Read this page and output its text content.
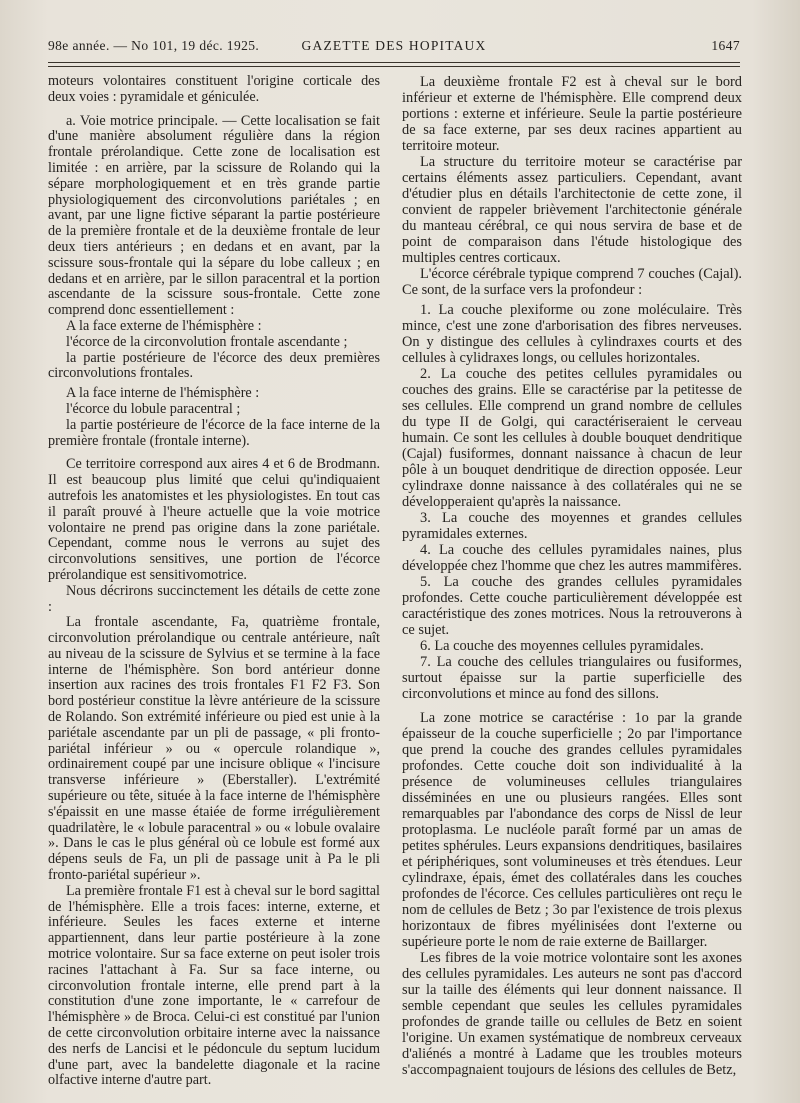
98e année. — No 101, 19 déc. 1925.	GAZETTE DES HOPITAUX	1647

moteurs volontaires constituent l'origine corticale des deux voies : pyramidale et géniculée.

a. Voie motrice principale. — Cette localisation se fait d'une manière absolument régulière dans la région frontale prérolandique. Cette zone de localisation est limitée : en arrière, par la scissure de Rolando qui la sépare morphologiquement et en très grande partie physiologiquement des circonvolutions pariétales ; en avant, par une ligne fictive séparant la partie postérieure de la première frontale et de la deuxième frontale de leur deux tiers antérieurs ; en dedans et en avant, par la scissure sous-frontale qui la sépare du lobe calleux ; en dedans et en arrière, par le sillon paracentral et la portion ascendante de la scissure sous-frontale. Cette zone comprend donc essentiellement :

A la face externe de l'hémisphère :

l'écorce de la circonvolution frontale ascendante ;

la partie postérieure de l'écorce des deux premières circonvolutions frontales.

A la face interne de l'hémisphère :

l'écorce du lobule paracentral ;

la partie postérieure de l'écorce de la face interne de la première frontale (frontale interne).

Ce territoire correspond aux aires 4 et 6 de Brodmann. Il est beaucoup plus limité que celui qu'indiquaient autrefois les anatomistes et les physiologistes. En tout cas il paraît prouvé à l'heure actuelle que la voie motrice volontaire ne prend pas origine dans la zone pariétale. Cependant, comme nous le verrons au sujet des circonvolutions sensitives, une portion de l'écorce prérolandique est sensitivomotrice.

Nous décrirons succinctement les détails de cette zone :

La frontale ascendante, Fa, quatrième frontale, circonvolution prérolandique ou centrale antérieure, naît au niveau de la scissure de Sylvius et se termine à la face interne de l'hémisphère. Son bord antérieur donne insertion aux racines des trois frontales F1 F2 F3. Son bord postérieur constitue la lèvre antérieure de la scissure de Rolando. Son extrémité inférieure ou pied est unie à la pariétale ascendante par un pli de passage, « pli fronto-pariétal inférieur » ou « opercule rolandique », ordinairement coupé par une incisure oblique « l'incisure transverse inférieure » (Eberstaller). L'extrémité supérieure ou tête, située à la face interne de l'hémisphère s'épaissit en une masse étaiée de forme irrégulièrement quadrilatère, le « lobule paracentral » ou « lobule ovalaire ». Dans le cas le plus général où ce lobule est formé aux dépens seuls de Fa, un pli de passage unit à Pa le pli fronto-pariétal supérieur ».

La première frontale F1 est à cheval sur le bord sagittal de l'hémisphère. Elle a trois faces: interne, externe, et inférieure. Seules les faces externe et interne appartiennent, dans leur partie postérieure à la zone motrice volontaire. Sur sa face externe on peut isoler trois racines l'attachant à Fa. Sur sa face interne, ou circonvolution frontale interne, elle prend part à la constitution d'une zone importante, le « carrefour de l'hémisphère » de Broca. Celui-ci est constitué par l'union de cette circonvolution orbitaire interne avec la naissance des nerfs de Lancisi et le pédoncule du septum lucidum d'une part, avec la bandelette diagonale et la racine olfactive interne d'autre part.

La deuxième frontale F2 est à cheval sur le bord inférieur et externe de l'hémisphère. Elle comprend deux portions : externe et inférieure. Seule la partie postérieure de sa face externe, par ses deux racines appartient au territoire moteur.

La structure du territoire moteur se caractérise par certains éléments assez particuliers. Cependant, avant d'étudier plus en détails l'architectonie de cette zone, il convient de rappeler brièvement l'architectonie générale du manteau cérébral, ce qui nous servira de base et de point de comparaison dans l'étude histologique des multiples centres corticaux.

L'écorce cérébrale typique comprend 7 couches (Cajal). Ce sont, de la surface vers la profondeur :

1. La couche plexiforme ou zone moléculaire. Très mince, c'est une zone d'arborisation des fibres nerveuses. On y distingue des cellules à cylindraxes courts et des cellules à cylidraxes longs, ou cellules horizontales.

2. La couche des petites cellules pyramidales ou couches des grains. Elle se caractérise par la petitesse de ses cellules. Elle comprend un grand nombre de cellules du type II de Golgi, qui caractériseraient le cerveau humain. Ce sont les cellules à double bouquet dendritique (Cajal) fusiformes, donnant naissance à chacun de leur pôle à un bouquet dendritique de direction opposée. Leur cylindraxe donne naissance à des collatérales qui ne se développeraient qu'après la naissance.

3. La couche des moyennes et grandes cellules pyramidales externes.

4. La couche des cellules pyramidales naines, plus développée chez l'homme que chez les autres mammifères.

5. La couche des grandes cellules pyramidales profondes. Cette couche particulièrement développée est caractéristique des zones motrices. Nous la retrouverons à ce sujet.

6. La couche des moyennes cellules pyramidales.

7. La couche des cellules triangulaires ou fusiformes, surtout épaisse sur la partie superficielle des circonvolutions et mince au fond des sillons.

La zone motrice se caractérise : 1o par la grande épaisseur de la couche superficielle ; 2o par l'importance que prend la couche des grandes cellules pyramidales profondes. Cette couche doit son individualité à la présence de volumineuses cellules triangulaires disséminées en une ou plusieurs rangées. Elles sont remarquables par l'abondance des corps de Nissl de leur protoplasma. Le nucléole paraît formé par un amas de petites sphérules. Leurs expansions dendritiques, basilaires et périphériques, sont volumineuses et très étendues. Leur cylindraxe, épais, émet des collatérales dans les couches profondes de l'écorce. Ces cellules particulières ont reçu le nom de cellules de Betz ; 3o par l'existence de trois plexus horizontaux de fibres myélinisées dont l'externe ou supérieure porte le nom de raie externe de Baillarger.

Les fibres de la voie motrice volontaire sont les axones des cellules pyramidales. Les auteurs ne sont pas d'accord sur la taille des éléments qui leur donnent naissance. Il semble cependant que seules les cellules pyramidales profondes de grande taille ou cellules de Betz en soient l'origine. Un examen systématique de nombreux cerveaux d'aliénés a montré à Ladame que les troubles moteurs s'accompagnaient toujours de lésions des cellules de Betz,
